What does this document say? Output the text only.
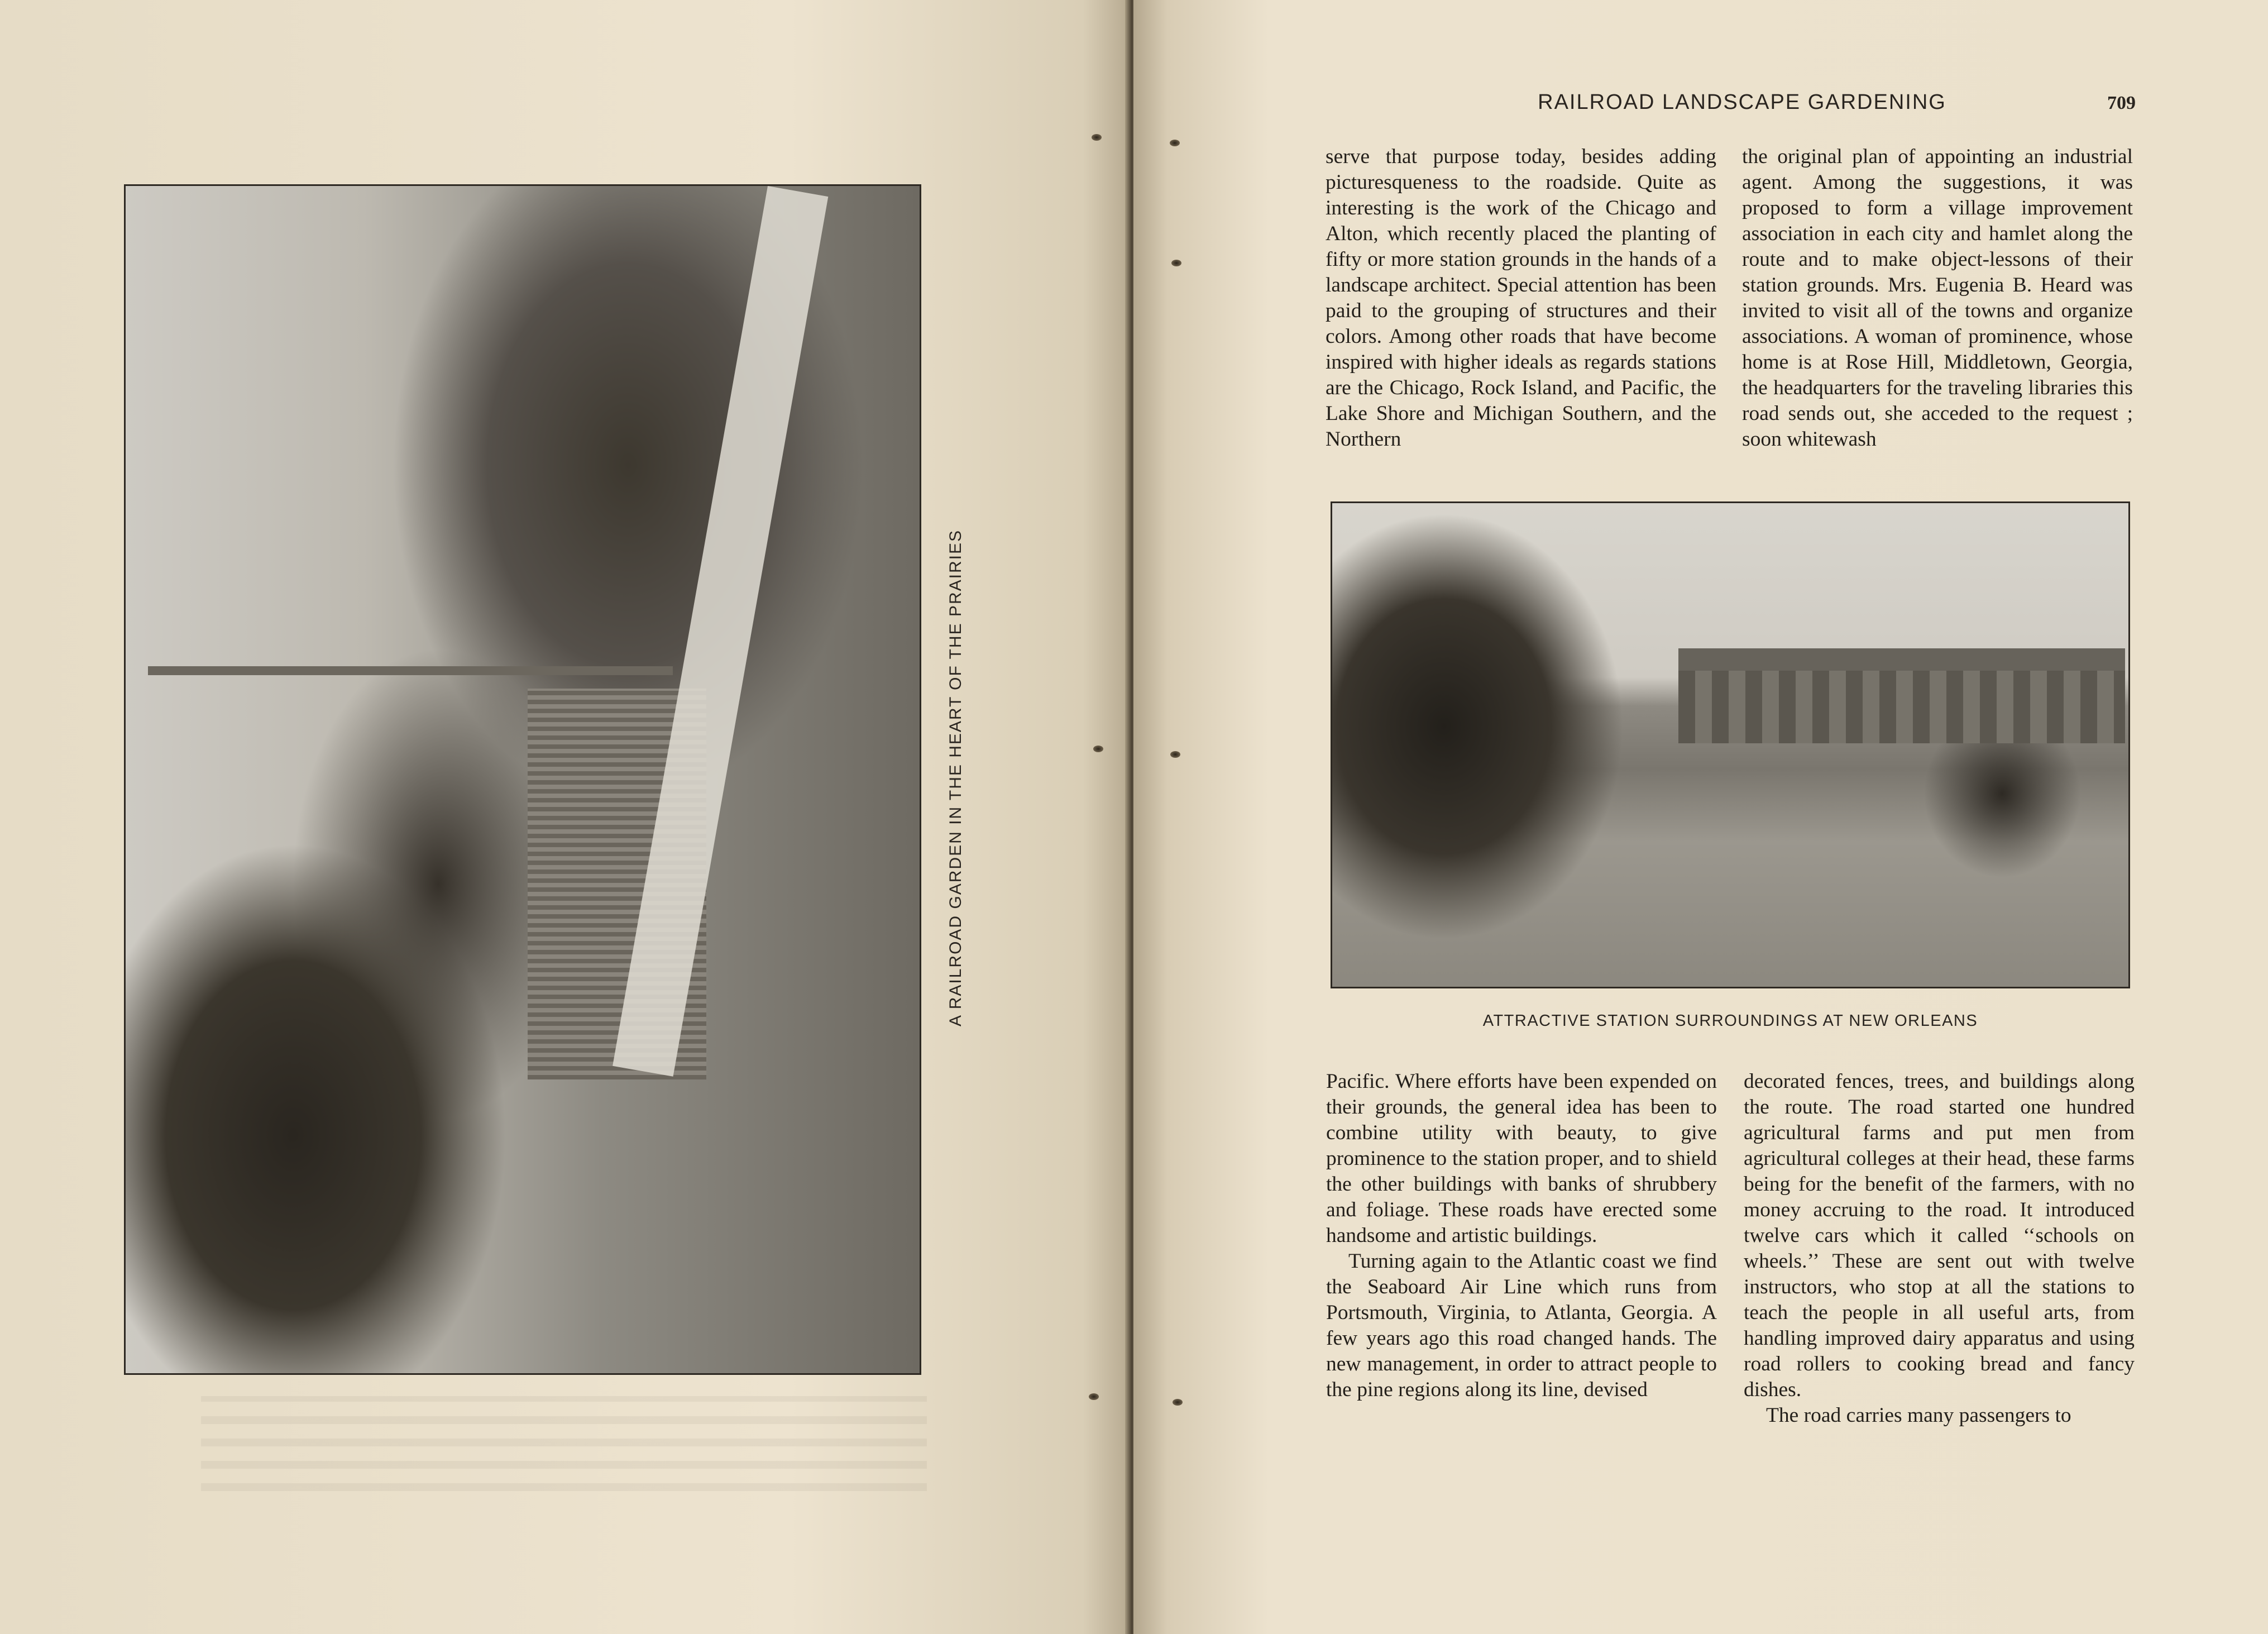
A RAILROAD GARDEN IN THE HEART OF THE PRAIRIES
RAILROAD LANDSCAPE GARDENING	709

serve that purpose today, besides adding picturesqueness to the roadside. Quite as interesting is the work of the Chicago and Alton, which recently placed the planting of fifty or more station grounds in the hands of a landscape architect. Special attention has been paid to the grouping of structures and their colors. Among other roads that have become inspired with higher ideals as regards stations are the Chicago, Rock Island, and Pacific, the Lake Shore and Michigan Southern, and the Northern

the original plan of appointing an industrial agent. Among the suggestions, it was proposed to form a village improvement association in each city and hamlet along the route and to make object-lessons of their station grounds. Mrs. Eugenia B. Heard was invited to visit all of the towns and organize associations. A woman of prominence, whose home is at Rose Hill, Middletown, Georgia, the headquarters for the traveling libraries this road sends out, she acceded to the request ; soon whitewash

ATTRACTIVE STATION SURROUNDINGS AT NEW ORLEANS

Pacific. Where efforts have been expended on their grounds, the general idea has been to combine utility with beauty, to give prominence to the station proper, and to shield the other buildings with banks of shrubbery and foliage. These roads have erected some handsome and artistic buildings.

Turning again to the Atlantic coast we find the Seaboard Air Line which runs from Portsmouth, Virginia, to Atlanta, Georgia. A few years ago this road changed hands. The new management, in order to attract people to the pine regions along its line, devised

decorated fences, trees, and buildings along the route. The road started one hundred agricultural farms and put men from agricultural colleges at their head, these farms being for the benefit of the farmers, with no money accruing to the road. It introduced twelve cars which it called ‘‘schools on wheels.’’ These are sent out with twelve instructors, who stop at all the stations to teach the people in all useful arts, from handling improved dairy apparatus and using road rollers to cooking bread and fancy dishes.

The road carries many passengers to
